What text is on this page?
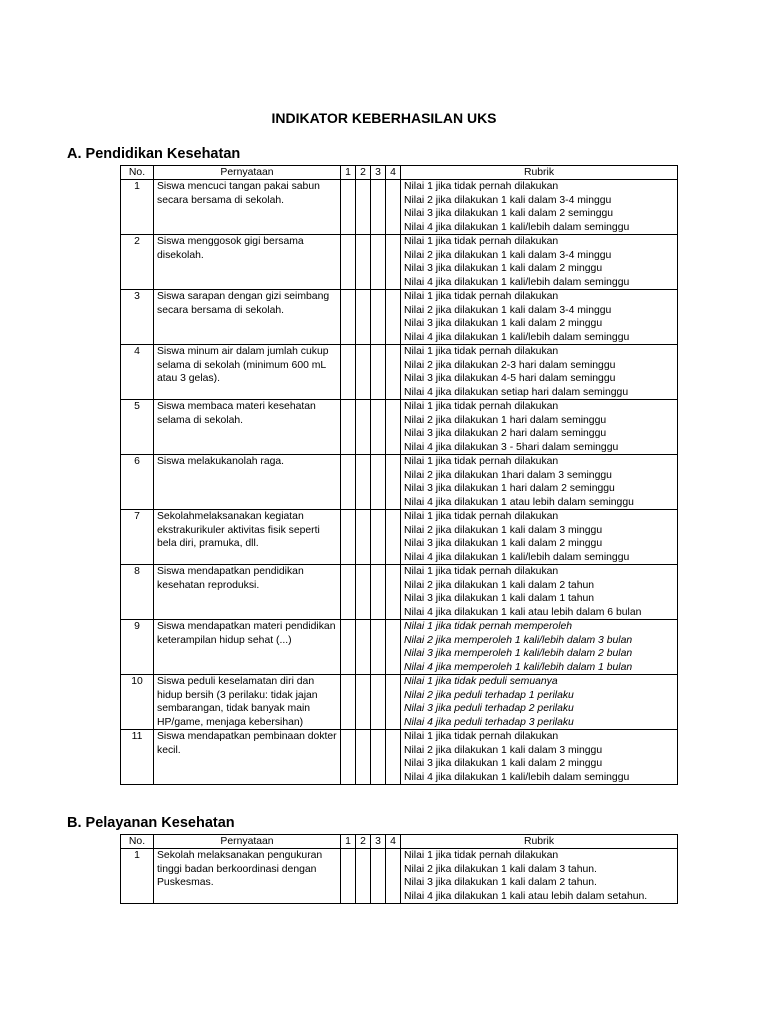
INDIKATOR KEBERHASILAN UKS
A. Pendidikan Kesehatan
No.	Pernyataan	1	2	3	4	Rubrik
1	Siswa mencuci tangan pakai sabun secara bersama di sekolah.					Nilai 1 jika tidak pernah dilakukan
Nilai 2 jika dilakukan 1 kali dalam 3-4 minggu
Nilai 3 jika dilakukan 1 kali dalam 2 seminggu
Nilai 4 jika dilakukan 1 kali/lebih dalam seminggu

2	Siswa menggosok gigi bersama disekolah.					Nilai 1 jika tidak pernah dilakukan
Nilai 2 jika dilakukan 1 kali dalam 3-4 minggu
Nilai 3 jika dilakukan 1 kali dalam 2 minggu
Nilai 4 jika dilakukan 1 kali/lebih dalam seminggu

3	Siswa sarapan dengan gizi seimbang secara bersama di sekolah.					Nilai 1 jika tidak pernah dilakukan
Nilai 2 jika dilakukan 1 kali dalam 3-4 minggu
Nilai 3 jika dilakukan 1 kali dalam 2 minggu
Nilai 4 jika dilakukan 1 kali/lebih dalam seminggu

4	Siswa minum air dalam jumlah cukup selama di sekolah (minimum 600 mL atau 3 gelas).					Nilai 1 jika tidak pernah dilakukan
Nilai 2 jika dilakukan 2-3 hari dalam seminggu
Nilai 3 jika dilakukan 4-5 hari dalam seminggu
Nilai 4 jika dilakukan setiap hari dalam seminggu

5	Siswa membaca materi kesehatan selama di sekolah.					Nilai 1 jika tidak pernah dilakukan
Nilai 2 jika dilakukan 1 hari dalam seminggu
Nilai 3 jika dilakukan 2 hari dalam seminggu
Nilai 4 jika dilakukan 3 - 5hari dalam seminggu

6	Siswa melakukanolah raga.					Nilai 1 jika tidak pernah dilakukan
Nilai 2 jika dilakukan 1hari dalam 3 seminggu
Nilai 3 jika dilakukan 1 hari dalam 2 seminggu
Nilai 4 jika dilakukan 1 atau lebih dalam seminggu

7	Sekolahmelaksanakan kegiatan ekstrakurikuler aktivitas fisik seperti bela diri, pramuka, dll.					Nilai 1 jika tidak pernah dilakukan
Nilai 2 jika dilakukan 1 kali dalam 3 minggu
Nilai 3 jika dilakukan 1 kali dalam 2 minggu
Nilai 4 jika dilakukan 1 kali/lebih dalam seminggu

8	Siswa mendapatkan pendidikan kesehatan reproduksi.					Nilai 1 jika tidak pernah dilakukan
Nilai 2 jika dilakukan 1 kali dalam 2 tahun
Nilai 3 jika dilakukan 1 kali dalam 1 tahun
Nilai 4 jika dilakukan 1 kali atau lebih dalam 6 bulan

9	Siswa mendapatkan materi pendidikan keterampilan hidup sehat (...)					Nilai 1 jika tidak pernah memperoleh
Nilai 2 jika memperoleh 1 kali/lebih dalam 3 bulan
Nilai 3 jika memperoleh 1 kali/lebih dalam 2 bulan
Nilai 4 jika memperoleh 1 kali/lebih dalam 1 bulan

10	Siswa peduli keselamatan diri dan hidup bersih (3 perilaku: tidak jajan sembarangan, tidak banyak main HP/game, menjaga kebersihan)					Nilai 1 jika tidak peduli semuanya
Nilai 2 jika peduli terhadap 1 perilaku
Nilai 3 jika peduli terhadap 2 perilaku
Nilai 4 jika peduli terhadap 3 perilaku

11	Siswa mendapatkan pembinaan dokter kecil.					Nilai 1 jika tidak pernah dilakukan
Nilai 2 jika dilakukan 1 kali dalam 3 minggu
Nilai 3 jika dilakukan 1 kali dalam 2 minggu
Nilai 4 jika dilakukan 1 kali/lebih dalam seminggu
B. Pelayanan Kesehatan
No.	Pernyataan	1	2	3	4	Rubrik
1	Sekolah melaksanakan pengukuran tinggi badan berkoordinasi dengan Puskesmas.					Nilai 1 jika tidak pernah dilakukan
Nilai 2 jika dilakukan 1 kali dalam 3 tahun.
Nilai 3 jika dilakukan 1 kali dalam 2 tahun.
Nilai 4 jika dilakukan 1 kali atau lebih dalam setahun.
